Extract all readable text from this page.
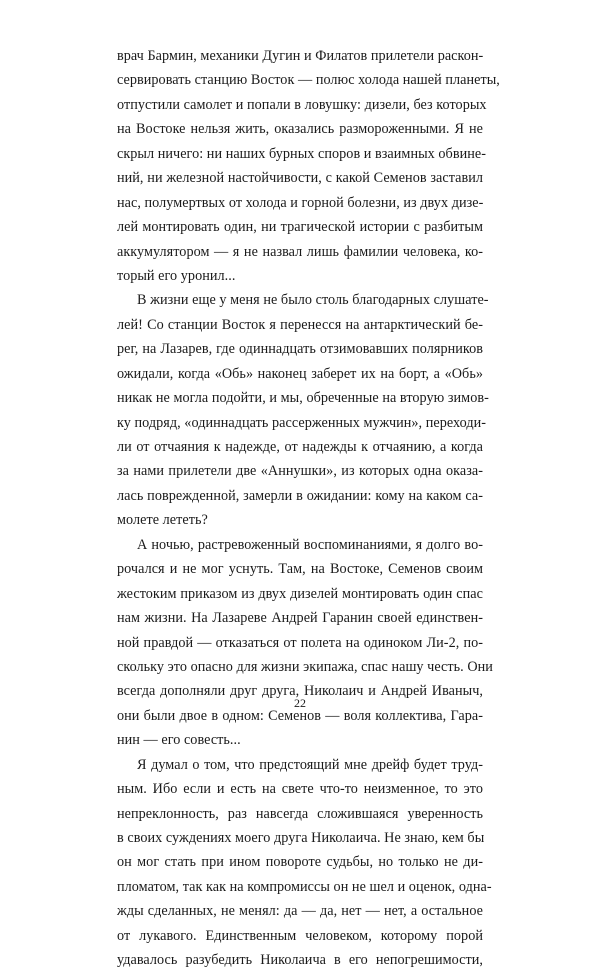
врач Бармин, механики Дугин и Филатов прилетели раскон-
сервировать станцию Восток — полюс холода нашей планеты,
отпустили самолет и попали в ловушку: дизели, без которых
на Востоке нельзя жить, оказались размороженными. Я не
скрыл ничего: ни наших бурных споров и взаимных обвине-
ний, ни железной настойчивости, с какой Семенов заставил
нас, полумертвых от холода и горной болезни, из двух дизе-
лей монтировать один, ни трагической истории с разбитым
аккумулятором — я не назвал лишь фамилии человека, ко-
торый его уронил...
В жизни еще у меня не было столь благодарных слушате-
лей! Со станции Восток я перенесся на антарктический бе-
рег, на Лазарев, где одиннадцать отзимовавших полярников
ожидали, когда «Обь» наконец заберет их на борт, а «Обь»
никак не могла подойти, и мы, обреченные на вторую зимов-
ку подряд, «одиннадцать рассерженных мужчин», переходи-
ли от отчаяния к надежде, от надежды к отчаянию, а когда
за нами прилетели две «Аннушки», из которых одна оказа-
лась поврежденной, замерли в ожидании: кому на каком са-
молете лететь?
А ночью, растревоженный воспоминаниями, я долго во-
рочался и не мог уснуть. Там, на Востоке, Семенов своим
жестоким приказом из двух дизелей монтировать один спас
нам жизни. На Лазареве Андрей Гаранин своей единствен-
ной правдой — отказаться от полета на одиноком Ли-2, по-
скольку это опасно для жизни экипажа, спас нашу честь. Они
всегда дополняли друг друга, Николаич и Андрей Иваныч,
они были двое в одном: Семенов — воля коллектива, Гара-
нин — его совесть...
Я думал о том, что предстоящий мне дрейф будет труд-
ным. Ибо если и есть на свете что-то неизменное, то это
непреклонность, раз навсегда сложившаяся уверенность
в своих суждениях моего друга Николаича. Не знаю, кем бы
он мог стать при ином повороте судьбы, но только не ди-
пломатом, так как на компромиссы он не шел и оценок, одна-
жды сделанных, не менял: да — да, нет — нет, а остальное
от лукавого. Единственным человеком, которому порой
удавалось разубедить Николаича в его непогрешимости,
22
